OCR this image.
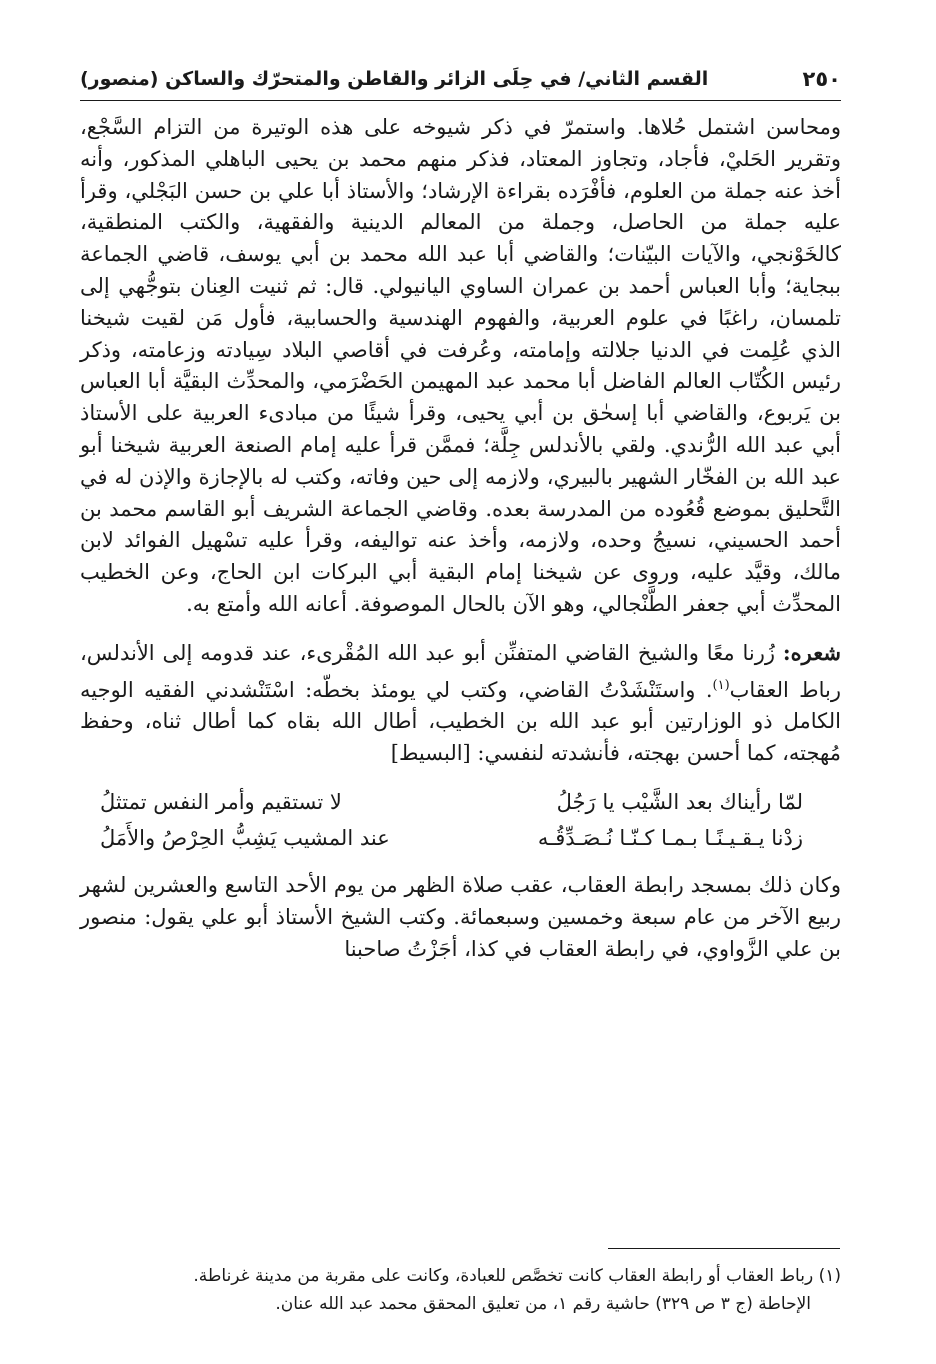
٢٥٠
القسم الثاني/ في حِلَى الزائر والقاطن والمتحرّك والساكن (منصور)

ومحاسن اشتمل حُلاها. واستمرّ في ذكر شيوخه على هذه الوتيرة من التزام السَّجْع، وتقرير الحَليْ، فأجاد، وتجاوز المعتاد، فذكر منهم محمد بن يحيى الباهلي المذكور، وأنه أخذ عنه جملة من العلوم، فأفْرَده بقراءة الإرشاد؛ والأستاذ أبا علي بن حسن البَجْلي، وقرأ عليه جملة من الحاصل، وجملة من المعالم الدينية والفقهية، والكتب المنطقية، كالخَوْنجي، والآيات البيّنات؛ والقاضي أبا عبد الله محمد بن أبي يوسف، قاضي الجماعة ببجاية؛ وأبا العباس أحمد بن عمران الساوي اليانيولي. قال: ثم ثنيت العِنان بتوجُّهي إلى تلمسان، راغبًا في علوم العربية، والفهوم الهندسية والحسابية، فأول مَن لقيت شيخنا الذي عُلِمت في الدنيا جلالته وإمامته، وعُرفت في أقاصي البلاد سِيادته وزعامته، وذكر رئيس الكُتّاب العالم الفاضل أبا محمد عبد المهيمن الحَضْرَمي، والمحدِّث البقيَّة أبا العباس بن يَربوع، والقاضي أبا إسحٰق بن أبي يحيى، وقرأ شيئًا من مبادىء العربية على الأستاذ أبي عبد الله الرُّندي. ولقي بالأندلس جِلَّة؛ فممَّن قرأ عليه إمام الصنعة العربية شيخنا أبو عبد الله بن الفخّار الشهير بالبيري، ولازمه إلى حين وفاته، وكتب له بالإجازة والإذن له في التَّحليق بموضع قُعُوده من المدرسة بعده. وقاضي الجماعة الشريف أبو القاسم محمد بن أحمد الحسيني، نسيجُ وحده، ولازمه، وأخذ عنه تواليفه، وقرأ عليه تسْهيل الفوائد لابن مالك، وقيَّد عليه، وروى عن شيخنا إمام البقية أبي البركات ابن الحاج، وعن الخطيب المحدِّث أبي جعفر الطَّنْجالي، وهو الآن بالحال الموصوفة. أعانه الله وأمتع به.

شعره: زُرنا معًا والشيخ القاضي المتفنِّن أبو عبد الله المُقْرىء، عند قدومه إلى الأندلس، رباط العقاب$^{(١)}$. واستَنْشَدْتُ القاضي، وكتب لي يومئذ بخطّه: اسْتَنْشدني الفقيه الوجيه الكامل ذو الوزارتين أبو عبد الله بن الخطيب، أطال الله بقاه كما أطال ثناه، وحفظ مُهجته، كما أحسن بهجته، فأنشدته لنفسي: [البسيط]

لمّا رأيناك بعد الشَّيْب يا رَجُلُ
لا تستقيم وأمر النفس تمتثلُ
زدْنا يـقـيـنًـا بـمـا كـنّـا نُـصَـدِّقُـه
عند المشيب يَشِبُّ الحِرْصُ والأَمَلُ

وكان ذلك بمسجد رابطة العقاب، عقب صلاة الظهر من يوم الأحد التاسع والعشرين لشهر ربيع الآخر من عام سبعة وخمسين وسبعمائة. وكتب الشيخ الأستاذ أبو علي يقول: منصور بن علي الزَّواوي، في رابطة العقاب في كذا، أجَزْتُ صاحبنا

(١) رباط العقاب أو رابطة العقاب كانت تخصَّص للعبادة، وكانت على مقربة من مدينة غرناطة.

الإحاطة (ج ٣ ص ٣٢٩) حاشية رقم ١، من تعليق المحقق محمد عبد الله عنان.
